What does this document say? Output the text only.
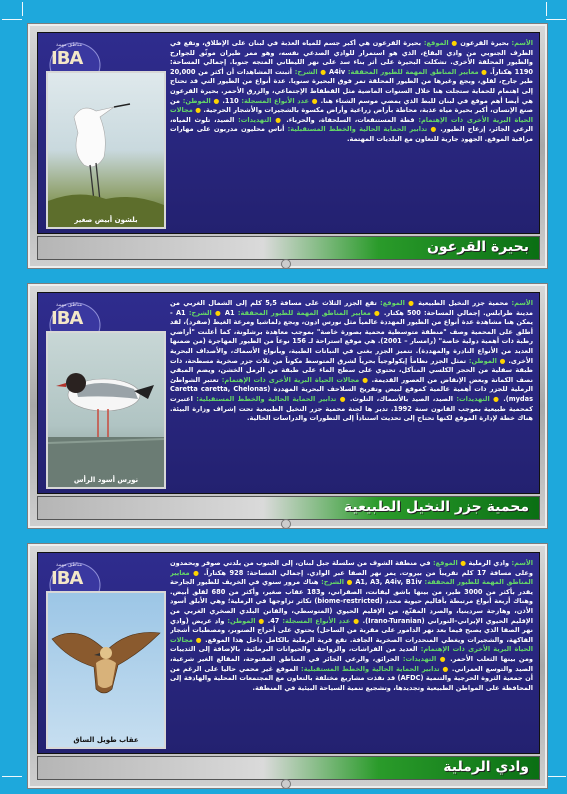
مناطق مهمة
IBA
بلشون أبيض صغير
الأسم: بحيرة القرعون ● الموقع: بحيرة القرعون هي أكبر جسم للمياه العذبة في لبنان على الإطلاق، وتقع في الطرف الجنوبي من وادي البقاع، الذي هو استمرار للوادي الصدعي نفسه، وهو ممر طيران موثّق للجوارح والطيور المحلقة الأخرى. تشكلت البحيرة على أثر بناء سد على نهر الليطاني المتجه جنوبا. إجمالي المساحة: 1190 هكتاراً. ● معايير المناطق المهمة للطيور المحققة: A4iv ● الشرح: أثبتت المشاهدات أن أكثر من 20,000 طير جارح، لقلق، وبجع وغيرها من الطيور المحلقة تمر فوق البحيرة سنويا. عدة أنواع من الطيور التي قد تحتاج إلى اهتمام للحماية ستجلت هنا خلال السنوات الماضية مثل القطقاط الإجتماعي، والزرق الأحمر. بحيرة القرعون هي أيضا أهم موقع في لبنان للبط الذي يمضي موسم الشتاء هنا. ● عدد الأنواع المسجلة: 110. ● الموطن: من صنع الإنسان، أكبر بحيرة مياه عذبة، محاطة بأراض زراعية وأراض مكسوة بالشجيرات والأشجار الحرجية. ● مجالات الحياة البرية الأخرى ذات الإهتمام: قطة المستنقعات، السلحفاة، والحرباء. ● التهديدات: الصيد، تلوث المياه، الرعي الجائر، إزعاج الطيور. ● تدابير الحماية الحالية والخطط المستقبلية: أناس محليون مدربون على مهارات مراقبة الموقع. الجهود جارية للتعاون مع البلديات المهتمة.
بحيرة القرعون
مناطق مهمة
IBA
نورس أسود الرأس
الأسم: محمية جزر النخيل الطبيعية ● الموقع: تقع الجزر الثلاث على مسافة 5,5 كلم إلى الشمال الغربي من مدينة طرابلس. إجمالي المساحة: 500 هكتار. ● معايير المناطق المهمة للطيور المحققة: A1 ● الشرح: A1 - يمكن هنا مشاهدة عدة أنواع من الطيور المهددة عالمياً مثل نورس ادون، وبجع دلماشيا ومرعة الغيط (صفرد)، لقد أطلق على المحمية وصف "منطقة متوسطية محمية بصورة خاصة" بموجب معاهدة برشلونة، كما أعلنت "أراضي رطبة ذات أهمية دولية خاصة" (رامسار – 2001). هي موقع استراحة لـ 156 نوعاً من الطيور المهاجرة (من ضمنها العديد من الأنواع النادرة والمهددة). تتميز الجزر بغنى في النباتات الطبية، وبأنواع الأسماك، والأصداف البحرية الأخرى. ● الموطن: تمثل الجزر نظاماً إيكولوجياً بحرياً لشرق المتوسط مكوناً من ثلاث جزر صخرية مسطحة، ذات طبقة سفلية من الحجر الكلسي المتآكل، تحتوي على سطح الماء على طبقة من الرمل الخشن، ويضم المبقي نصف الكمانة وبعض الإنقاض من العصور القديمة. ● مجالات الحياة البرية الأخرى ذات الإهتمام: تعتبر الشواطئ الرملية للجزر ذات أهمية عالمية كموقع لبيض وتفريخ السلاحف البحرية المهددة (Caretta caretta, Chelonas mydas). ● التهديدات: الصيد، الصيد بالأسماك، التلوث. ● تدابير الحماية الحالية والخطط المستقبلية: اعتبرت كمحمية طبيعية بموجب القانون سنة 1992. تدير ها لجنة محمية جزر النخيل الطبيعية تحت إشراف وزارة البيئة. هناك خطة لإدارة الموقع لكنها تحتاج إلى تحديث استناداً إلى التطورات والدراسات الحالية.
محمية جزر النخيل الطبيعية
مناطق مهمة
IBA
عقاب طويل الساق
الأسم: وادي الرملية ● الموقع: في منطقة الشوف من سلسلة جبل لبنان، إلى الجنوب من بلدتي صوفر وبحمدون وعلى مسافة 17 كلم تقريباً من بيروت. يمر نهر الصفا عبر الوادي. إجمالي المساحة: 928 هكتاراً. ● معايير المناطق المهمة للطيور المحققة: A1, A3, A4iv, B1iv ● الشرح: هناك مرور سنوي في الخريف للطيور الجارحة يقدر بأكثر من 3000 طير، من بينها باشق ليفانت، الصقراني، و183 عقاب صغير، وأكثر من 680 لقلق أبيض. وهناك أربعة أنواع مرتبطة بأقاليم حيوية محدد (biome-restricted) تكاثر تزاوجها في الرملية؛ وهي الأبلق أسود الأذن، وهازجة سردينيا، والصرد المقنّع، من الإقليم الحيوي (المتوسطي، والقاتن البلدي الصخري الغربي من الإقليم الحيوي الإيراني–التوراني (Irano-Turanian). ● عدد الأنواع المسجلة: 47. ● الموطن: واد عريض (وادي نهر الصفا الذي يصبح فيما بعد نهر الدامور على مقربة من الساحل) يحتوي على أحراج الصنوبر، ومصطبات أشجار الفاكهة، والشجيرات ويغطي المنحدرات الصخرية الجافة. تقع قرية الرملية بالكامل داخل هذا الموقع. ● مجالات الحياة البرية الأخرى ذات الإهتمام: العديد من الفراشات، والزواحف والحيوانات البرمائية، بالإضافة إلى الثدييات ومن بينها الثعلب الأحمر. ● التهديدات: الحرائق، والرعي الجائر في المناطق المفتوحة، المقالع الغير شرعية، الصيد والتوسع العمراني. ● تدابير الحماية الحالية والخطط المستقبلية: الموقع غير محمي حاليا على الرغم من أن جمعية الثروة الحرجية والتنمية (AFDC) قد نفذت مشاريع مختلفة بالتعاون مع المجتمعات المحلية والهادفة إلى المحافظة على المواطن الطبيعية وتجديدها، وتشجيع تنمية السياحة البيئية في المنطقة.
وادي الرملية
